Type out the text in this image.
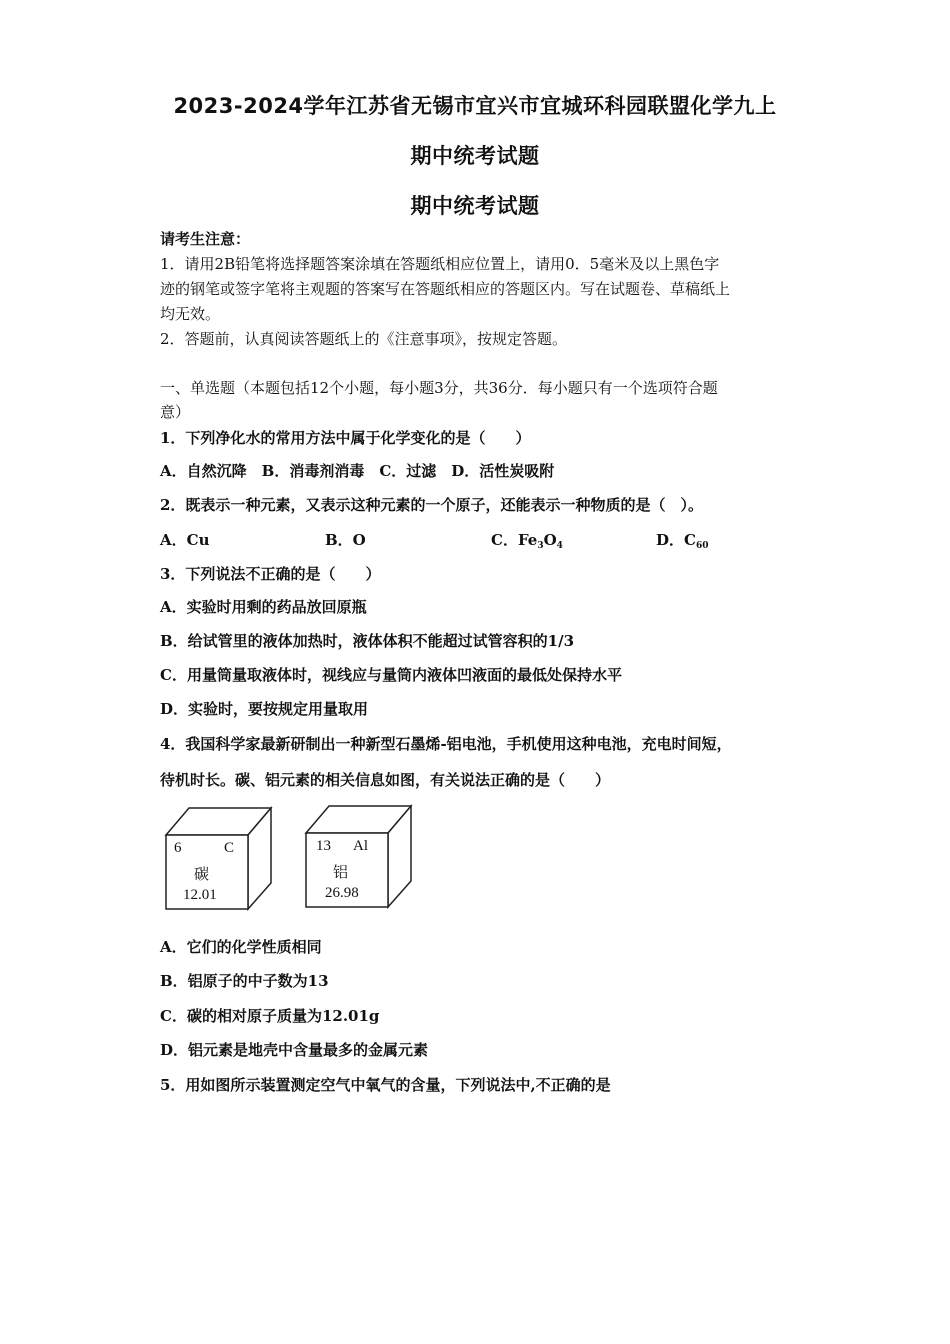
2023-2024学年江苏省无锡市宜兴市宜城环科园联盟化学九上
期中统考试题
期中统考试题
请考生注意：
1．请用2B铅笔将选择题答案涂填在答题纸相应位置上，请用0．5毫米及以上黑色字
迹的钢笔或签字笔将主观题的答案写在答题纸相应的答题区内。写在试题卷、草稿纸上
均无效。
2．答题前，认真阅读答题纸上的《注意事项》，按规定答题。
一、单选题（本题包括12个小题，每小题3分，共36分．每小题只有一个选项符合题
意）
1．下列净化水的常用方法中属于化学变化的是（　　）
A．自然沉降　B．消毒剂消毒　C．过滤　D．活性炭吸附
2．既表示一种元素，又表示这种元素的一个原子，还能表示一种物质的是（　）。
A．Cu	B．O	C．$Fe_3O_4$	D．$C_{60}$
3．下列说法不正确的是（　　）
A．实验时用剩的药品放回原瓶
B．给试管里的液体加热时，液体体积不能超过试管容积的1/3
C．用量筒量取液体时，视线应与量筒内液体凹液面的最低处保持水平
D．实验时，要按规定用量取用
4．我国科学家最新研制出一种新型石墨烯-铝电池，手机使用这种电池，充电时间短，
待机时长。碳、铝元素的相关信息如图，有关说法正确的是（　　）
6	C
碳
12.01
13 Al
铝
26.98
A．它们的化学性质相同
B．铝原子的中子数为13
C．碳的相对原子质量为12.01g
D．铝元素是地壳中含量最多的金属元素
5．用如图所示装置测定空气中氧气的含量，下列说法中,不正确的是
